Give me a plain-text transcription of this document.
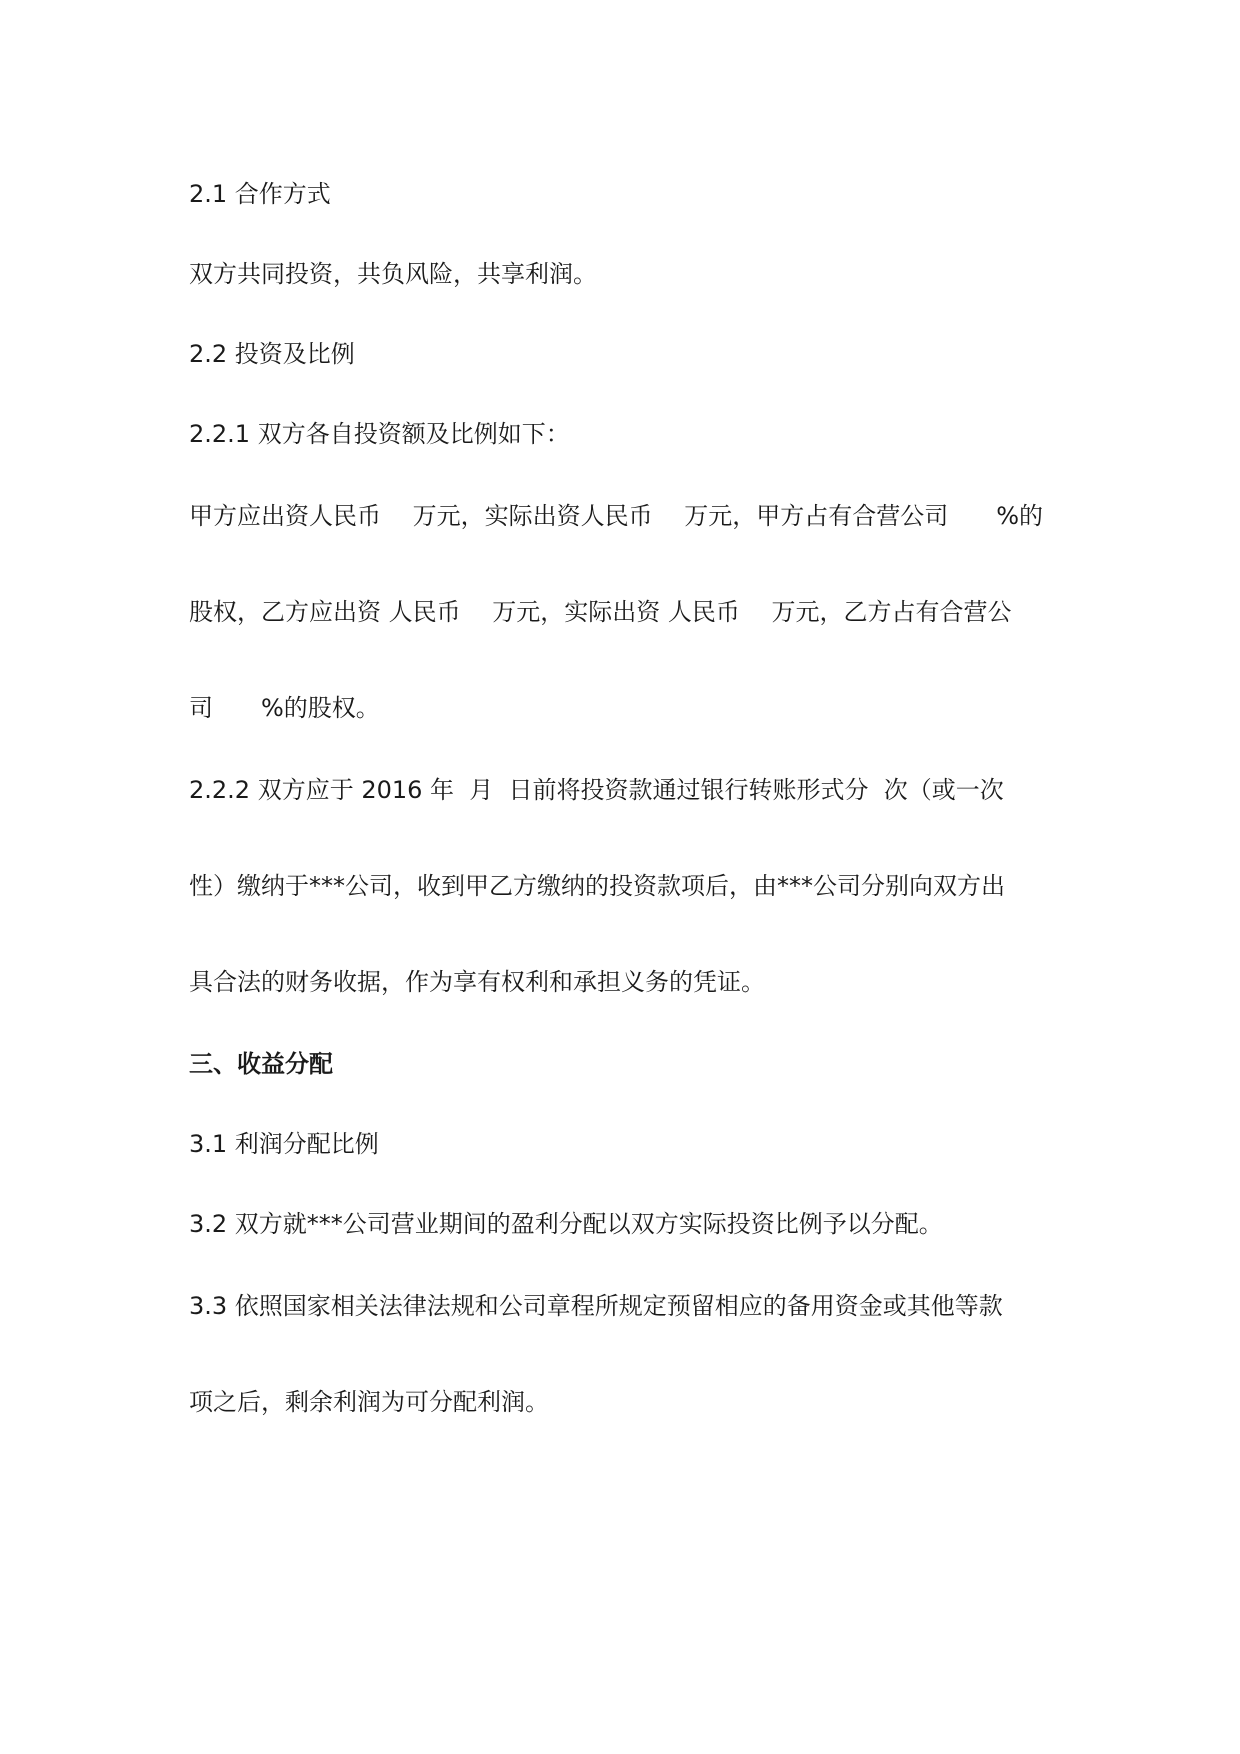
2.1 合作方式
双方共同投资，共负风险，共享利润。
2.2 投资及比例
2.2.1 双方各自投资额及比例如下：
甲方应出资人民币　 万元，实际出资人民币　 万元，甲方占有合营公司　　%的
股权，乙方应出资 人民币　 万元，实际出资 人民币　 万元，乙方占有合营公
司　　%的股权。
2.2.2 双方应于 2016 年  月  日前将投资款通过银行转账形式分  次（或一次
性）缴纳于***公司，收到甲乙方缴纳的投资款项后，由***公司分别向双方出
具合法的财务收据，作为享有权利和承担义务的凭证。
三、收益分配
3.1 利润分配比例
3.2 双方就***公司营业期间的盈利分配以双方实际投资比例予以分配。
3.3 依照国家相关法律法规和公司章程所规定预留相应的备用资金或其他等款
项之后，剩余利润为可分配利润。
